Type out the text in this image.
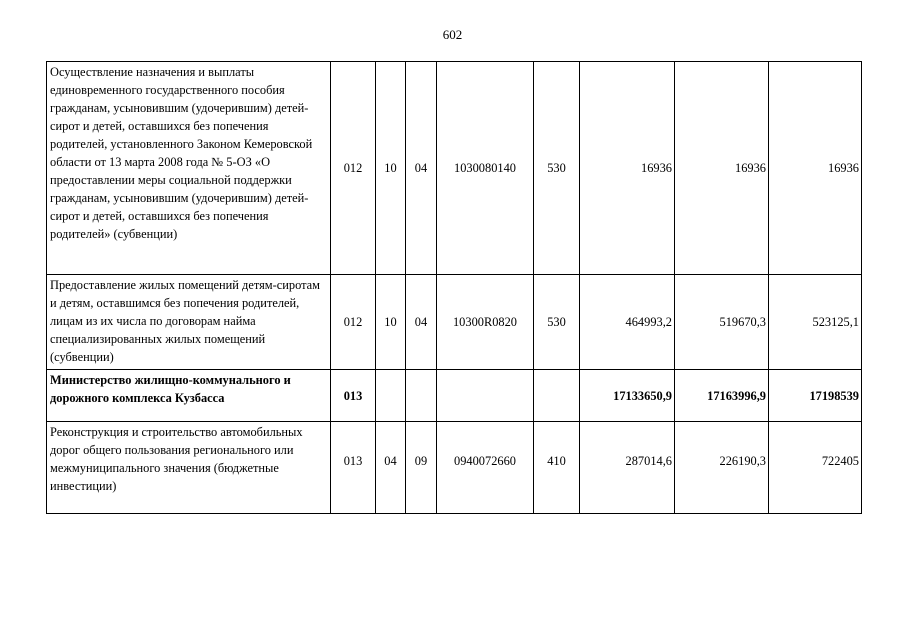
602
Осуществление назначения и выплаты единовременного государственного пособия гражданам, усыновившим (удочерившим) детей-сирот и детей, оставшихся без попечения родителей, установленного Законом Кемеровской области от 13 марта 2008 года № 5-ОЗ «О предоставлении меры социальной поддержки гражданам, усыновившим (удочерившим) детей-сирот и детей, оставшихся без попечения родителей» (субвенции)	012	10	04	1030080140	530	16936	16936	16936
Предоставление жилых помещений детям-сиротам и детям, оставшимся без попечения родителей, лицам из их числа по договорам найма специализированных жилых помещений (субвенции)	012	10	04	10300R0820	530	464993,2	519670,3	523125,1
Министерство жилищно-коммунального и дорожного комплекса Кузбасса	013					17133650,9	17163996,9	17198539
Реконструкция и строительство автомобильных дорог общего пользования регионального или межмуниципального значения (бюджетные инвестиции)	013	04	09	0940072660	410	287014,6	226190,3	722405
